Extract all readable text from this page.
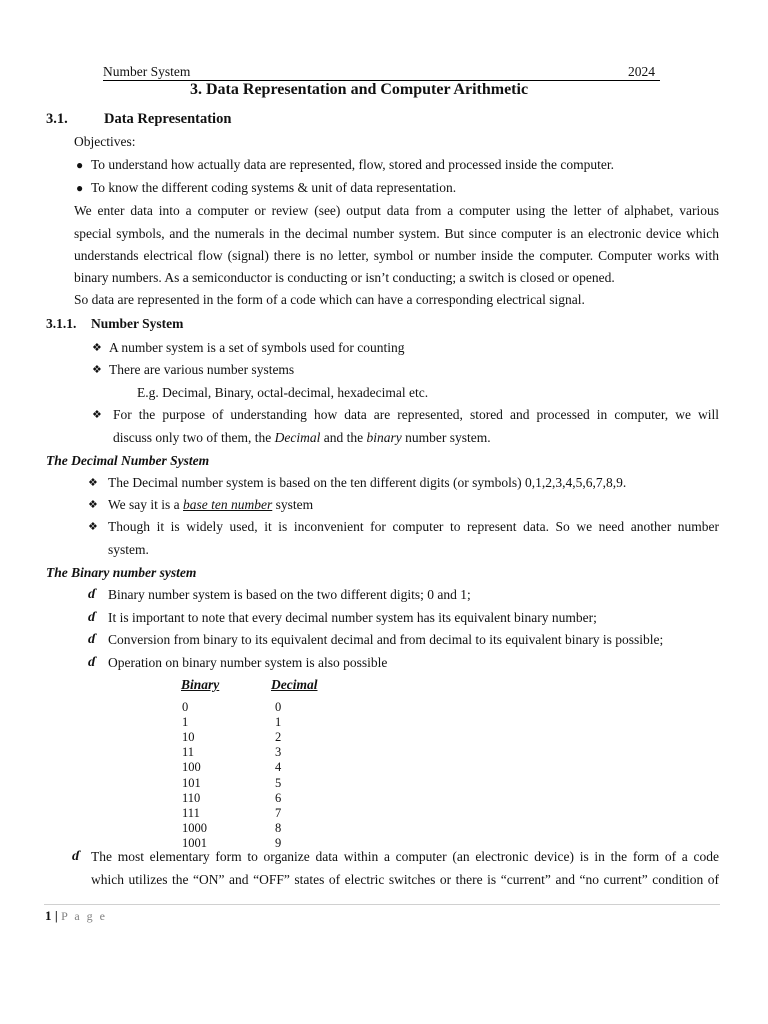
Number System	2024
3. Data Representation and Computer Arithmetic
3.1.	Data Representation
Objectives:
● To understand how actually data are represented, flow, stored and processed inside the computer.
● To know the different coding systems & unit of data representation.
We enter data into a computer or review (see) output data from a computer using the letter of alphabet, various
special symbols, and the numerals in the decimal number system. But since computer is an electronic device which
understands electrical flow (signal) there is no letter, symbol or number inside the computer. Computer works with
binary numbers. As a semiconductor is conducting or isn’t conducting; a switch is closed or opened.
So data are represented in the form of a code which can have a corresponding electrical signal.
3.1.1. Number System
❖ A number system is a set of symbols used for counting
❖ There are various number systems
E.g. Decimal, Binary, octal-decimal, hexadecimal etc.
❖ For the purpose of understanding how data are represented, stored and processed in computer, we will
discuss only two of them, the Decimal and the binary number system.
The Decimal Number System
❖ The Decimal number system is based on the ten different digits (or symbols) 0,1,2,3,4,5,6,7,8,9.
❖ We say it is a base ten number system
❖ Though it is widely used, it is inconvenient for computer to represent data. So we need another number
system.
The Binary number system
ɗ Binary number system is based on the two different digits; 0 and 1;
ɗ It is important to note that every decimal number system has its equivalent binary number;
ɗ Conversion from binary to its equivalent decimal and from decimal to its equivalent binary is possible;
ɗ Operation on binary number system is also possible
Binary	Decimal
0	0
1	1
10	2
11	3
100	4
101	5
110	6
111	7
1000	8
1001	9
ɗ The most elementary form to organize data within a computer (an electronic device) is in the form of a code
which utilizes the “ON” and “OFF” states of electric switches or there is “current” and “no current” condition of
1 | P a g e
